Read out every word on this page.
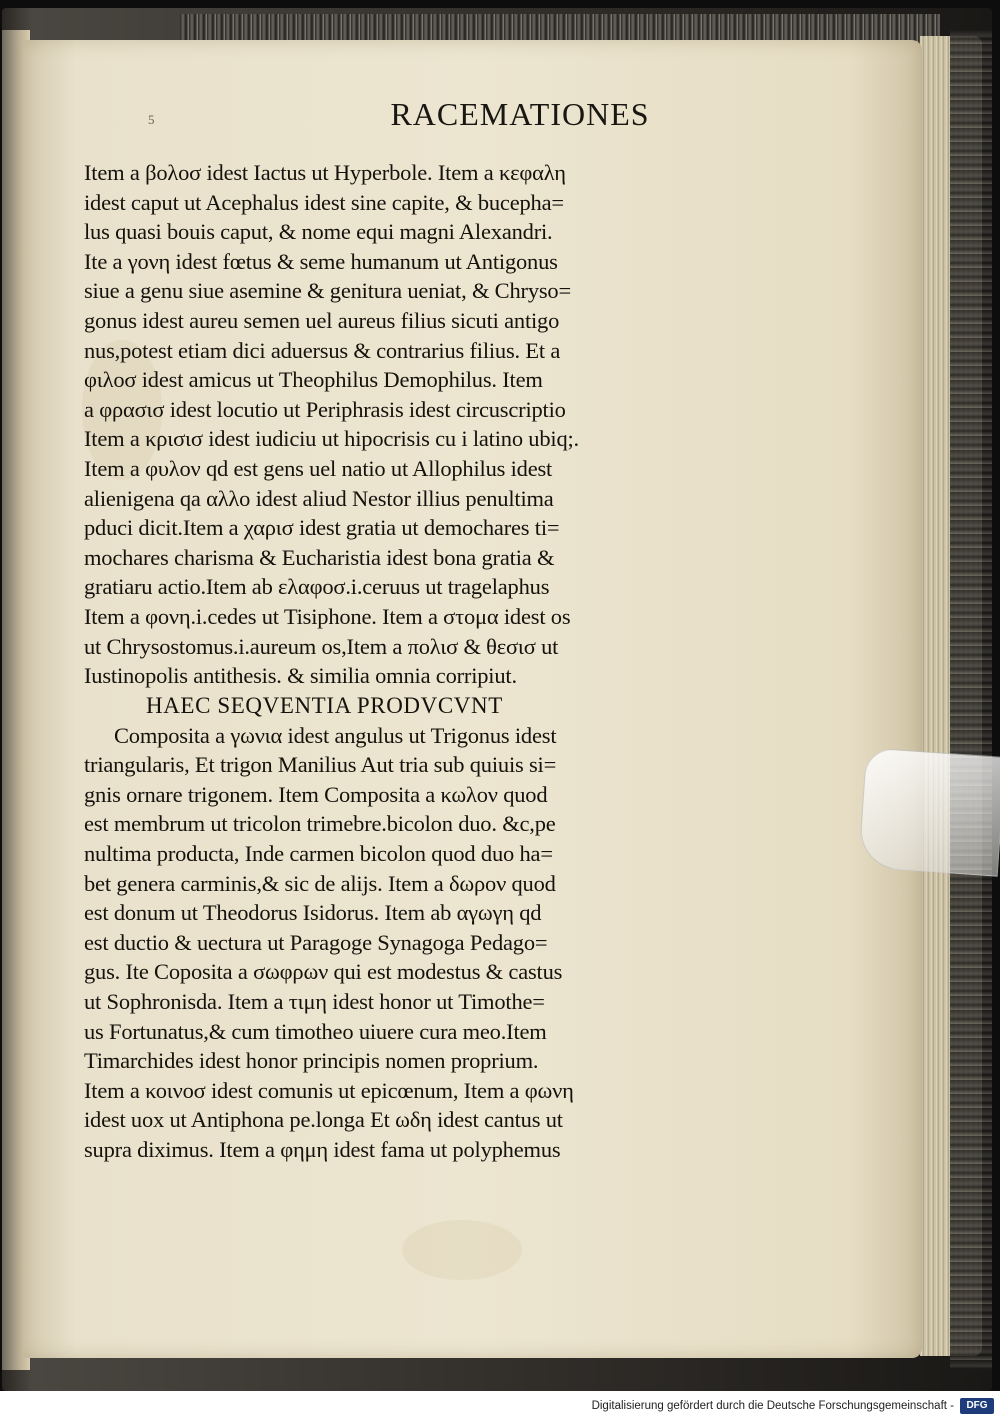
5	RACEMATIONES
Item a βολοσ idest Iactus ut Hyperbole. Item a κεφαλη
idest caput ut Acephalus idest sine capite, & bucepha=
lus quasi bouis caput, & nome equi magni Alexandri.
Ite a γονη idest fœtus & seme humanum ut Antigonus
siue a genu siue asemine & genitura ueniat, & Chryso=
gonus idest aureu semen uel aureus filius sicuti antigo
nus,potest etiam dici aduersus & contrarius filius. Et a
φιλοσ idest amicus ut Theophilus Demophilus. Item
a φρασισ idest locutio ut Periphrasis idest circuscriptio
Item a κρισισ idest iudiciu ut hipocrisis cu i latino ubiq;.
Item a φυλον qd est gens uel natio ut Allophilus idest
alienigena qa αλλο idest aliud Nestor illius penultima
pduci dicit.Item a χαρισ idest gratia ut demochares ti=
mochares charisma & Eucharistia idest bona gratia &
gratiaru actio.Item ab ελαφοσ.i.ceruus ut tragelaphus
Item a φονη.i.cedes ut Tisiphone. Item a στομα idest os
ut Chrysostomus.i.aureum os,Item a πολισ & θεσισ ut
Iustinopolis antithesis. & similia omnia corripiut.
HAEC SEQVENTIA PRODVCVNT
Composita a γωνια idest angulus ut Trigonus idest
triangularis, Et trigon Manilius Aut tria sub quiuis si=
gnis ornare trigonem. Item Composita a κωλον quod
est membrum ut tricolon trimebre.bicolon duo. &c,pe
nultima producta, Inde carmen bicolon quod duo ha=
bet genera carminis,& sic de alijs. Item a δωρον quod
est donum ut Theodorus Isidorus. Item ab αγωγη qd
est ductio & uectura ut Paragoge Synagoga Pedago=
gus. Ite Coposita a σωφρων qui est modestus & castus
ut Sophronisda. Item a τιμη idest honor ut Timothe=
us Fortunatus,& cum timotheo uiuere cura meo.Item
Timarchides idest honor principis nomen proprium.
Item a κοινοσ idest comunis ut epicœnum, Item a φωνη
idest uox ut Antiphona pe.longa Et ωδη idest cantus ut
supra diximus. Item a φημη idest fama ut polyphemus
Digitalisierung gefördert durch die Deutsche Forschungsgemeinschaft -	DFG
